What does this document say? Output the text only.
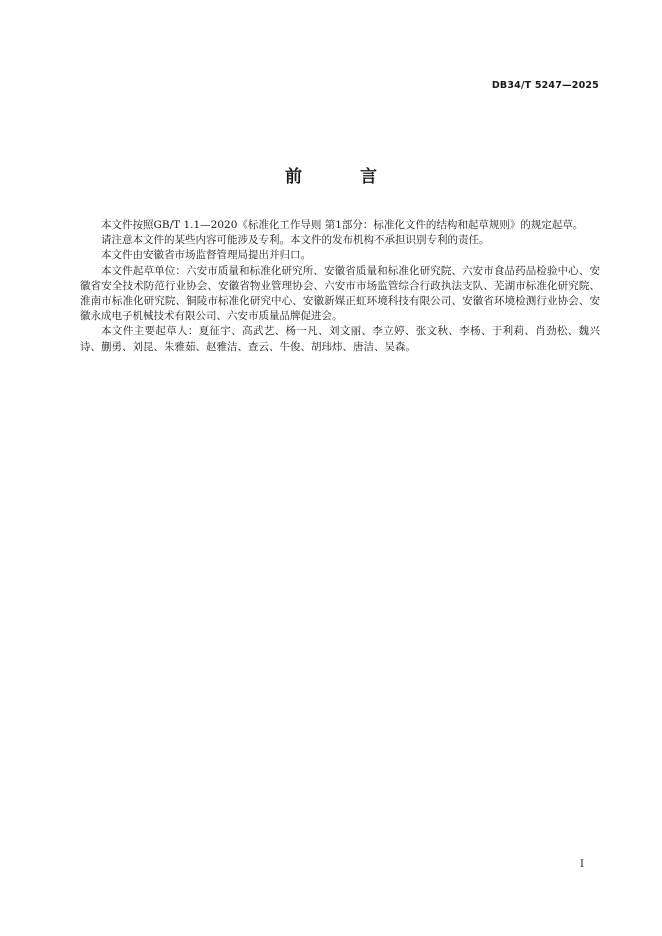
DB34/T 5247—2025
前 言

本文件按照GB/T 1.1—2020《标准化工作导则 第1部分：标准化文件的结构和起草规则》的规定起草。

请注意本文件的某些内容可能涉及专利。本文件的发布机构不承担识别专利的责任。

本文件由安徽省市场监督管理局提出并归口。

本文件起草单位：六安市质量和标准化研究所、安徽省质量和标准化研究院、六安市食品药品检验中心、安徽省安全技术防范行业协会、安徽省物业管理协会、六安市市场监管综合行政执法支队、芜湖市标准化研究院、淮南市标准化研究院、铜陵市标准化研究中心、安徽新媒正虹环境科技有限公司、安徽省环境检测行业协会、安徽永成电子机械技术有限公司、六安市质量品牌促进会。

本文件主要起草人：夏征宇、高武艺、杨一凡、刘文丽、李立婷、张文秋、李杨、于利莉、肖劲松、魏兴诗、蒯勇、刘昆、朱雅茹、赵雅洁、查云、牛俊、胡玮炜、唐洁、吴森。

I
